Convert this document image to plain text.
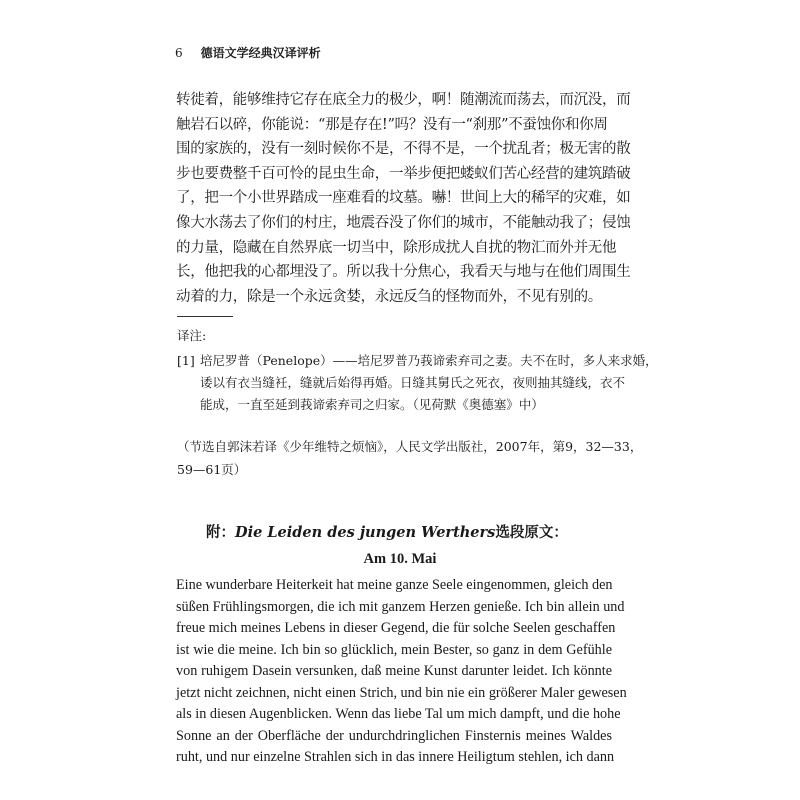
6 德语文学经典汉译评析
转徙着，能够维持它存在底全力的极少，啊！随潮流而荡去，而沉没，而
触岩石以碎，你能说：“那是存在!”吗？没有一“刹那”不蚕蚀你和你周
围的家族的，没有一刻时候你不是，不得不是，一个扰乱者；极无害的散
步也要费整千百可怜的昆虫生命，一举步便把蝼蚁们苦心经营的建筑踏破
了，把一个小世界踏成一座难看的坟墓。嚇！世间上大的稀罕的灾难，如
像大水荡去了你们的村庄，地震吞没了你们的城市，不能触动我了；侵蚀
的力量，隐藏在自然界底一切当中，除形成扰人自扰的物汇而外并无他
长，他把我的心都埋没了。所以我十分焦心，我看天与地与在他们周围生
动着的力，除是一个永远贪婪，永远反刍的怪物而外，不见有别的。
译注:
[1] 培尼罗普（Penelope）——培尼罗普乃莪谛索弃司之妻。夫不在时，多人来求婚，
诿以有衣当缝衽，缝就后始得再婚。日缝其舅氏之死衣，夜则抽其缝线，衣不
能成，一直至延到莪谛索弃司之归家。（见荷默《奥德塞》中）
（节选自郭沫若译《少年维特之烦恼》，人民文学出版社，2007年，第9，32—33，
59—61页）
附：Die Leiden des jungen Werthers选段原文：
Am 10. Mai
Eine wunderbare Heiterkeit hat meine ganze Seele eingenommen, gleich den
süßen Frühlingsmorgen, die ich mit ganzem Herzen genieße. Ich bin allein und
freue mich meines Lebens in dieser Gegend, die für solche Seelen geschaffen
ist wie die meine. Ich bin so glücklich, mein Bester, so ganz in dem Gefühle
von ruhigem Dasein versunken, daß meine Kunst darunter leidet. Ich könnte
jetzt nicht zeichnen, nicht einen Strich, und bin nie ein größerer Maler gewesen
als in diesen Augenblicken. Wenn das liebe Tal um mich dampft, und die hohe
Sonne an der Oberfläche der undurchdringlichen Finsternis meines Waldes
ruht, und nur einzelne Strahlen sich in das innere Heiligtum stehlen, ich dann
